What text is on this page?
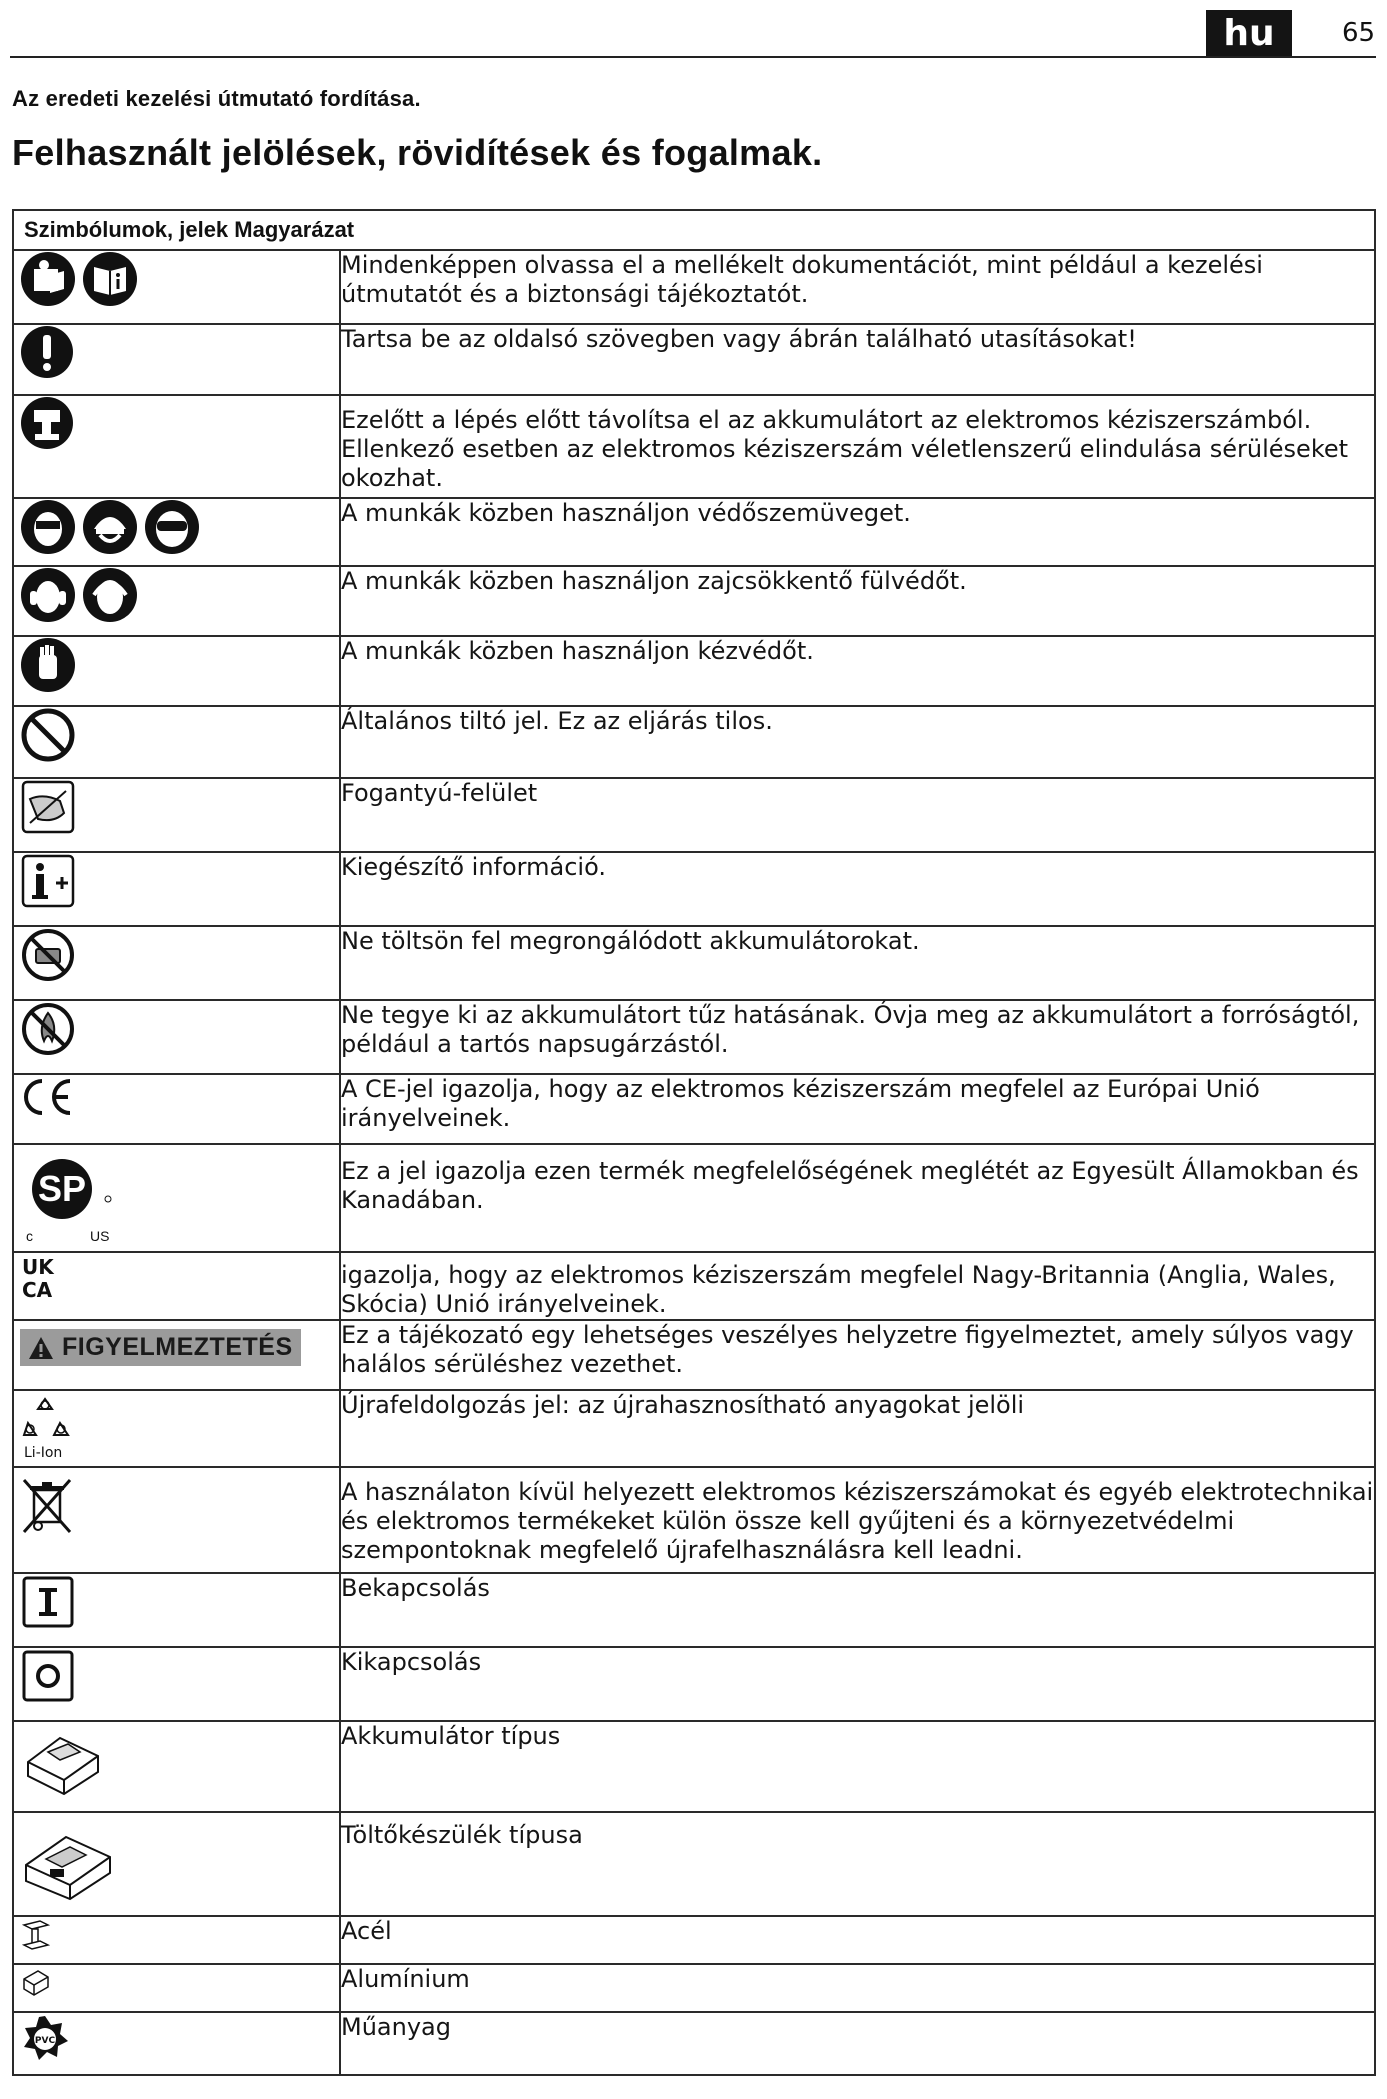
hu	65
Az eredeti kezelési útmutató fordítása.
Felhasznált jelölések, rövidítések és fogalmak.
Szimbólumok, jelek Magyarázat	

	Mindenképpen olvassa el a mellékelt dokumentációt, mint például a kezelési útmutatót és a biztonsági tájékoztatót.

	Tartsa be az oldalsó szövegben vagy ábrán található utasításokat!

	Ezelőtt a lépés előtt távolítsa el az akkumulátort az elektromos kéziszerszámból. Ellenkező esetben az elektromos kéziszerszám véletlenszerű elindulása sérüléseket okozhat.

	A munkák közben használjon védőszemüveget.

	A munkák közben használjon zajcsökkentő fülvédőt.

	A munkák közben használjon kézvédőt.

	Általános tiltó jel. Ez az eljárás tilos.

	Fogantyú-felület

	Kiegészítő információ.

	Ne töltsön fel megrongálódott akkumulátorokat.

	Ne tegye ki az akkumulátort tűz hatásának. Óvja meg az akkumulátort a forróságtól, például a tartós napsugárzástól.

	A CE-jel igazolja, hogy az elektromos kéziszerszám megfelel az Európai Unió irányelveinek.

SP
c US	Ez a jel igazolja ezen termék megfelelőségének meglétét az Egyesült Államokban és Kanadában.

UK
CA	igazolja, hogy az elektromos kéziszerszám megfelel Nagy-Britannia (Anglia, Wales, Skócia) Unió irányelveinek.

FIGYELMEZTETÉS	Ez a tájékozató egy lehetséges veszélyes helyzetre figyelmeztet, amely súlyos vagy halálos sérüléshez vezethet.

Li-Ion	Újrafeldolgozás jel: az újrahasznosítható anyagokat jelöli

	A használaton kívül helyezett elektromos kéziszerszámokat és egyéb elektrotechnikai és elektromos termékeket külön össze kell gyűjteni és a környezetvédelmi szempontoknak megfelelő újrafelhasználásra kell leadni.

	Bekapcsolás

	Kikapcsolás

	Akkumulátor típus

	Töltőkészülék típusa

	Acél

	Alumínium

PVC	Műanyag
